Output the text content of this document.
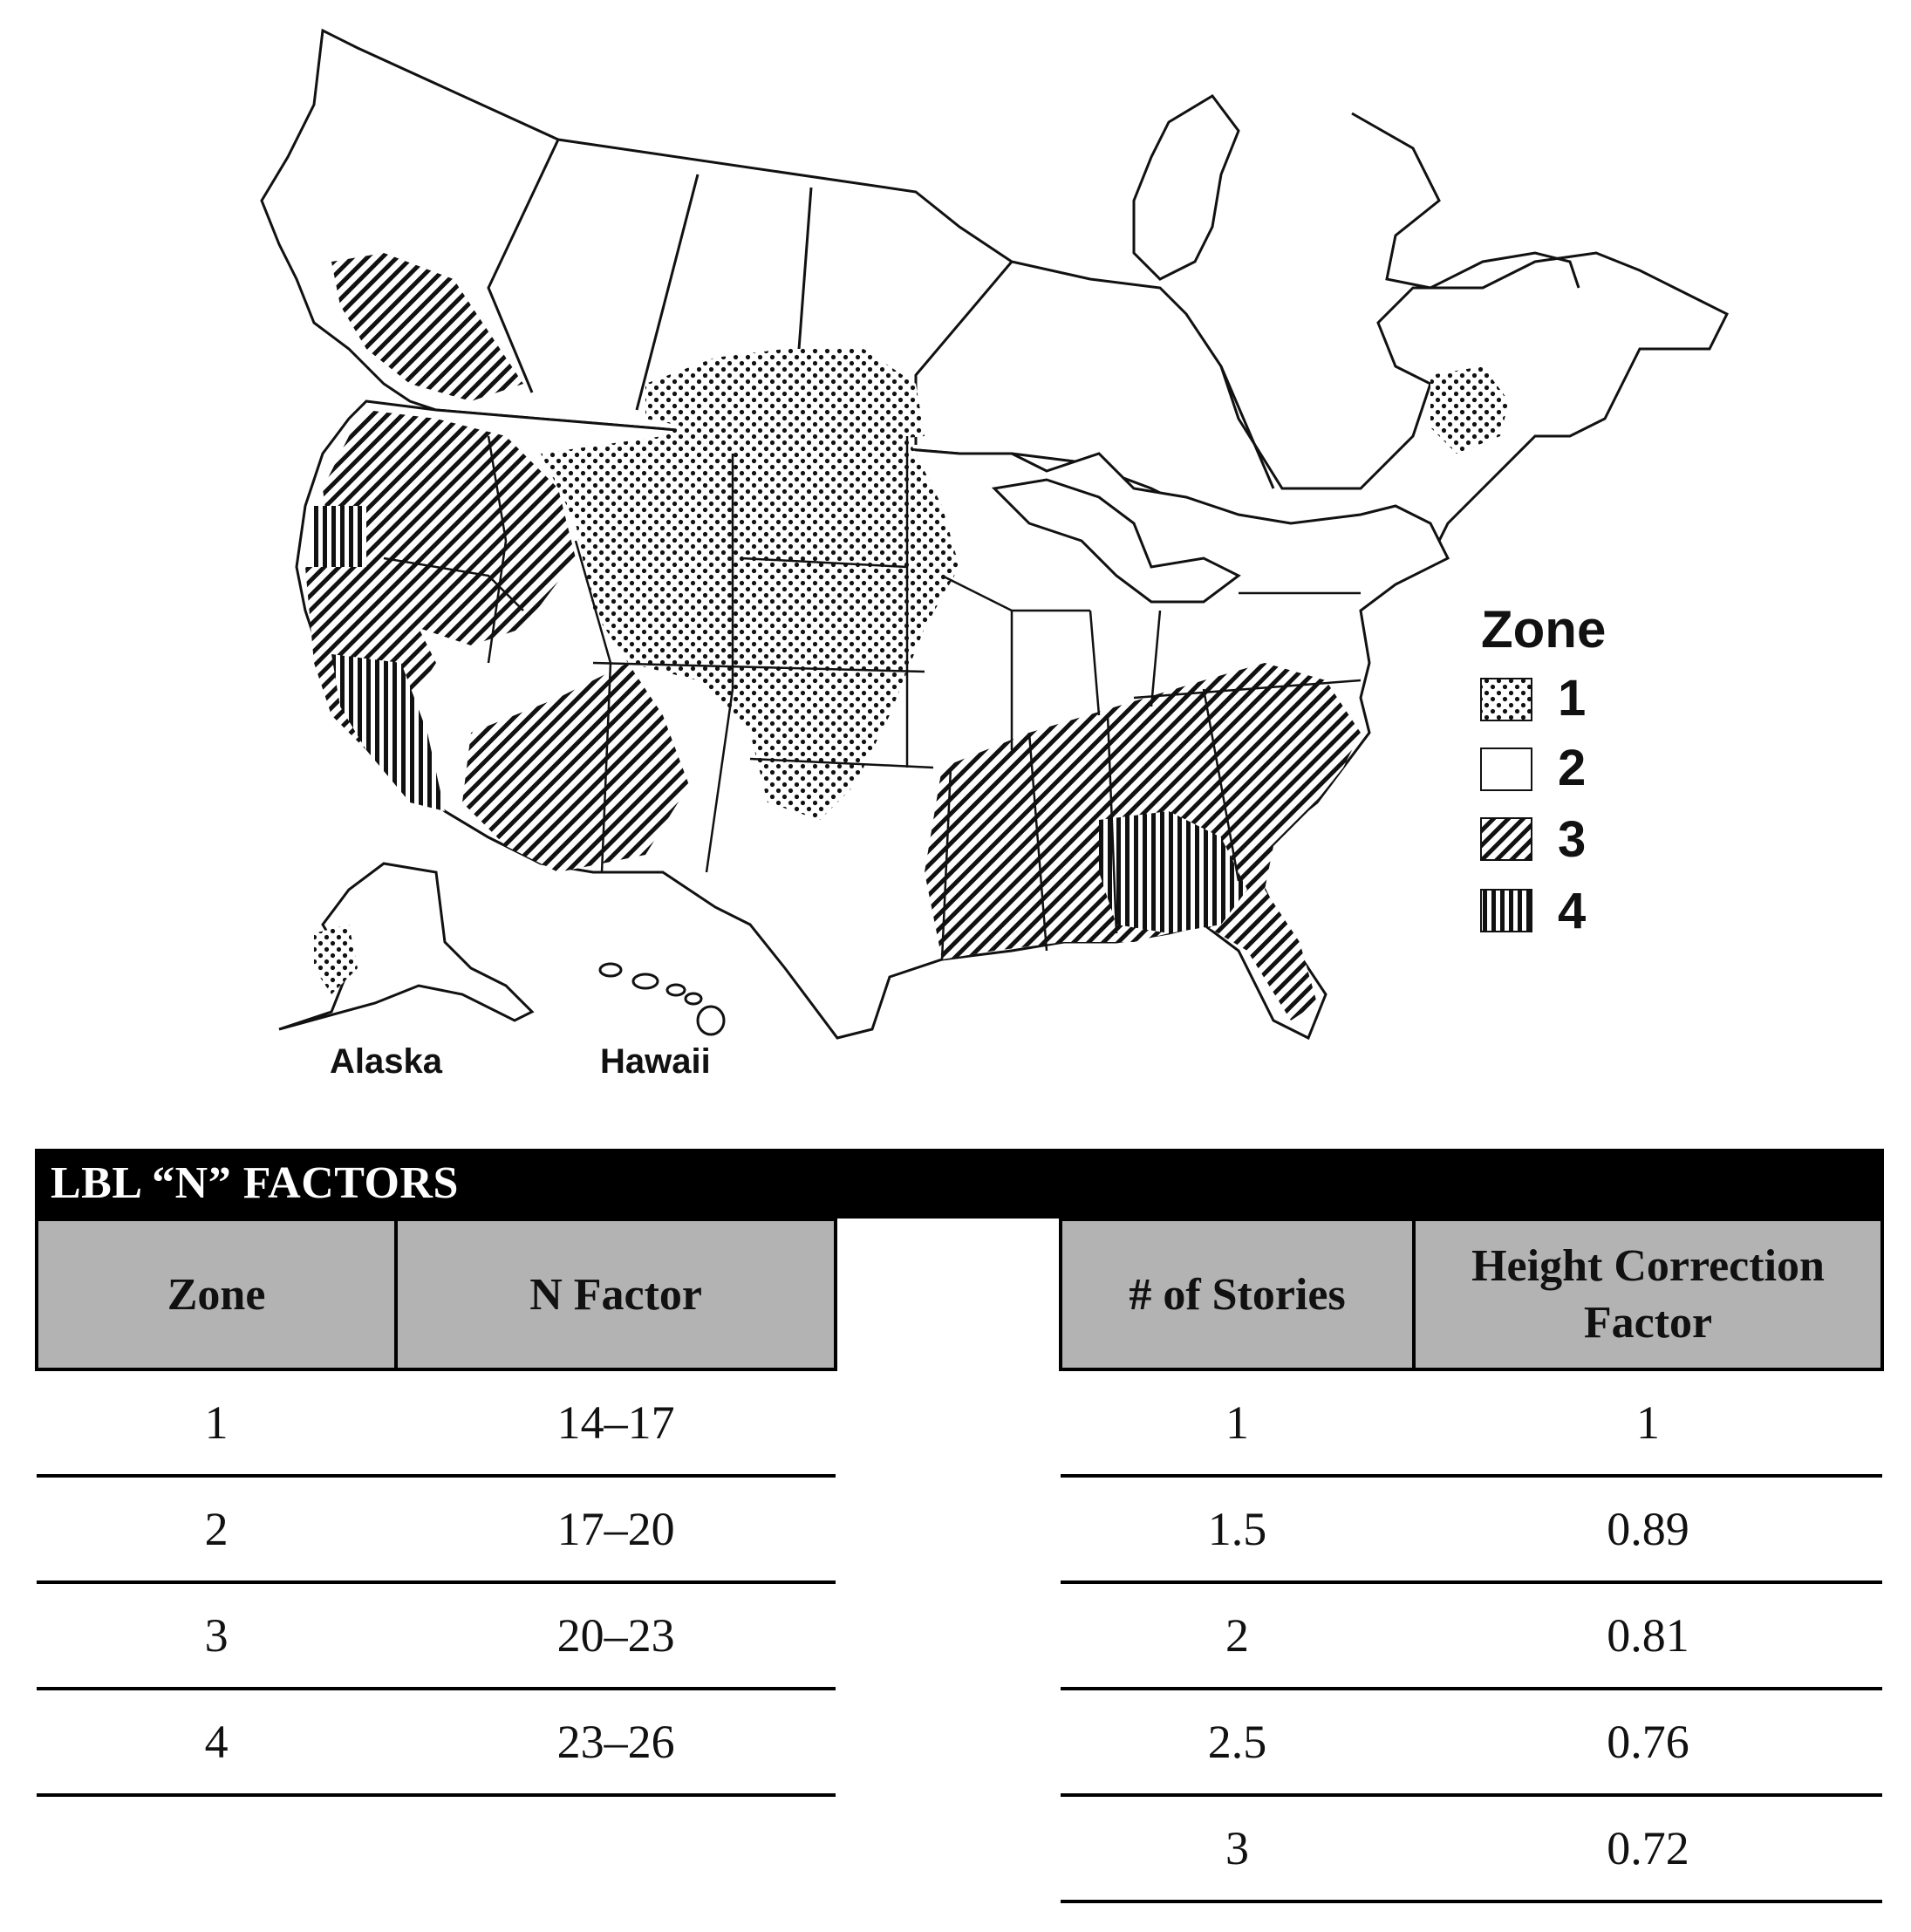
Alaska	Hawaii
Zone
1
2
3
4
LBL “N” FACTORS
Zone	N Factor
1	14–17
2	17–20
3	20–23
4	23–26
# of Stories	Height Correction Factor
1	1
1.5	0.89
2	0.81
2.5	0.76
3	0.72
